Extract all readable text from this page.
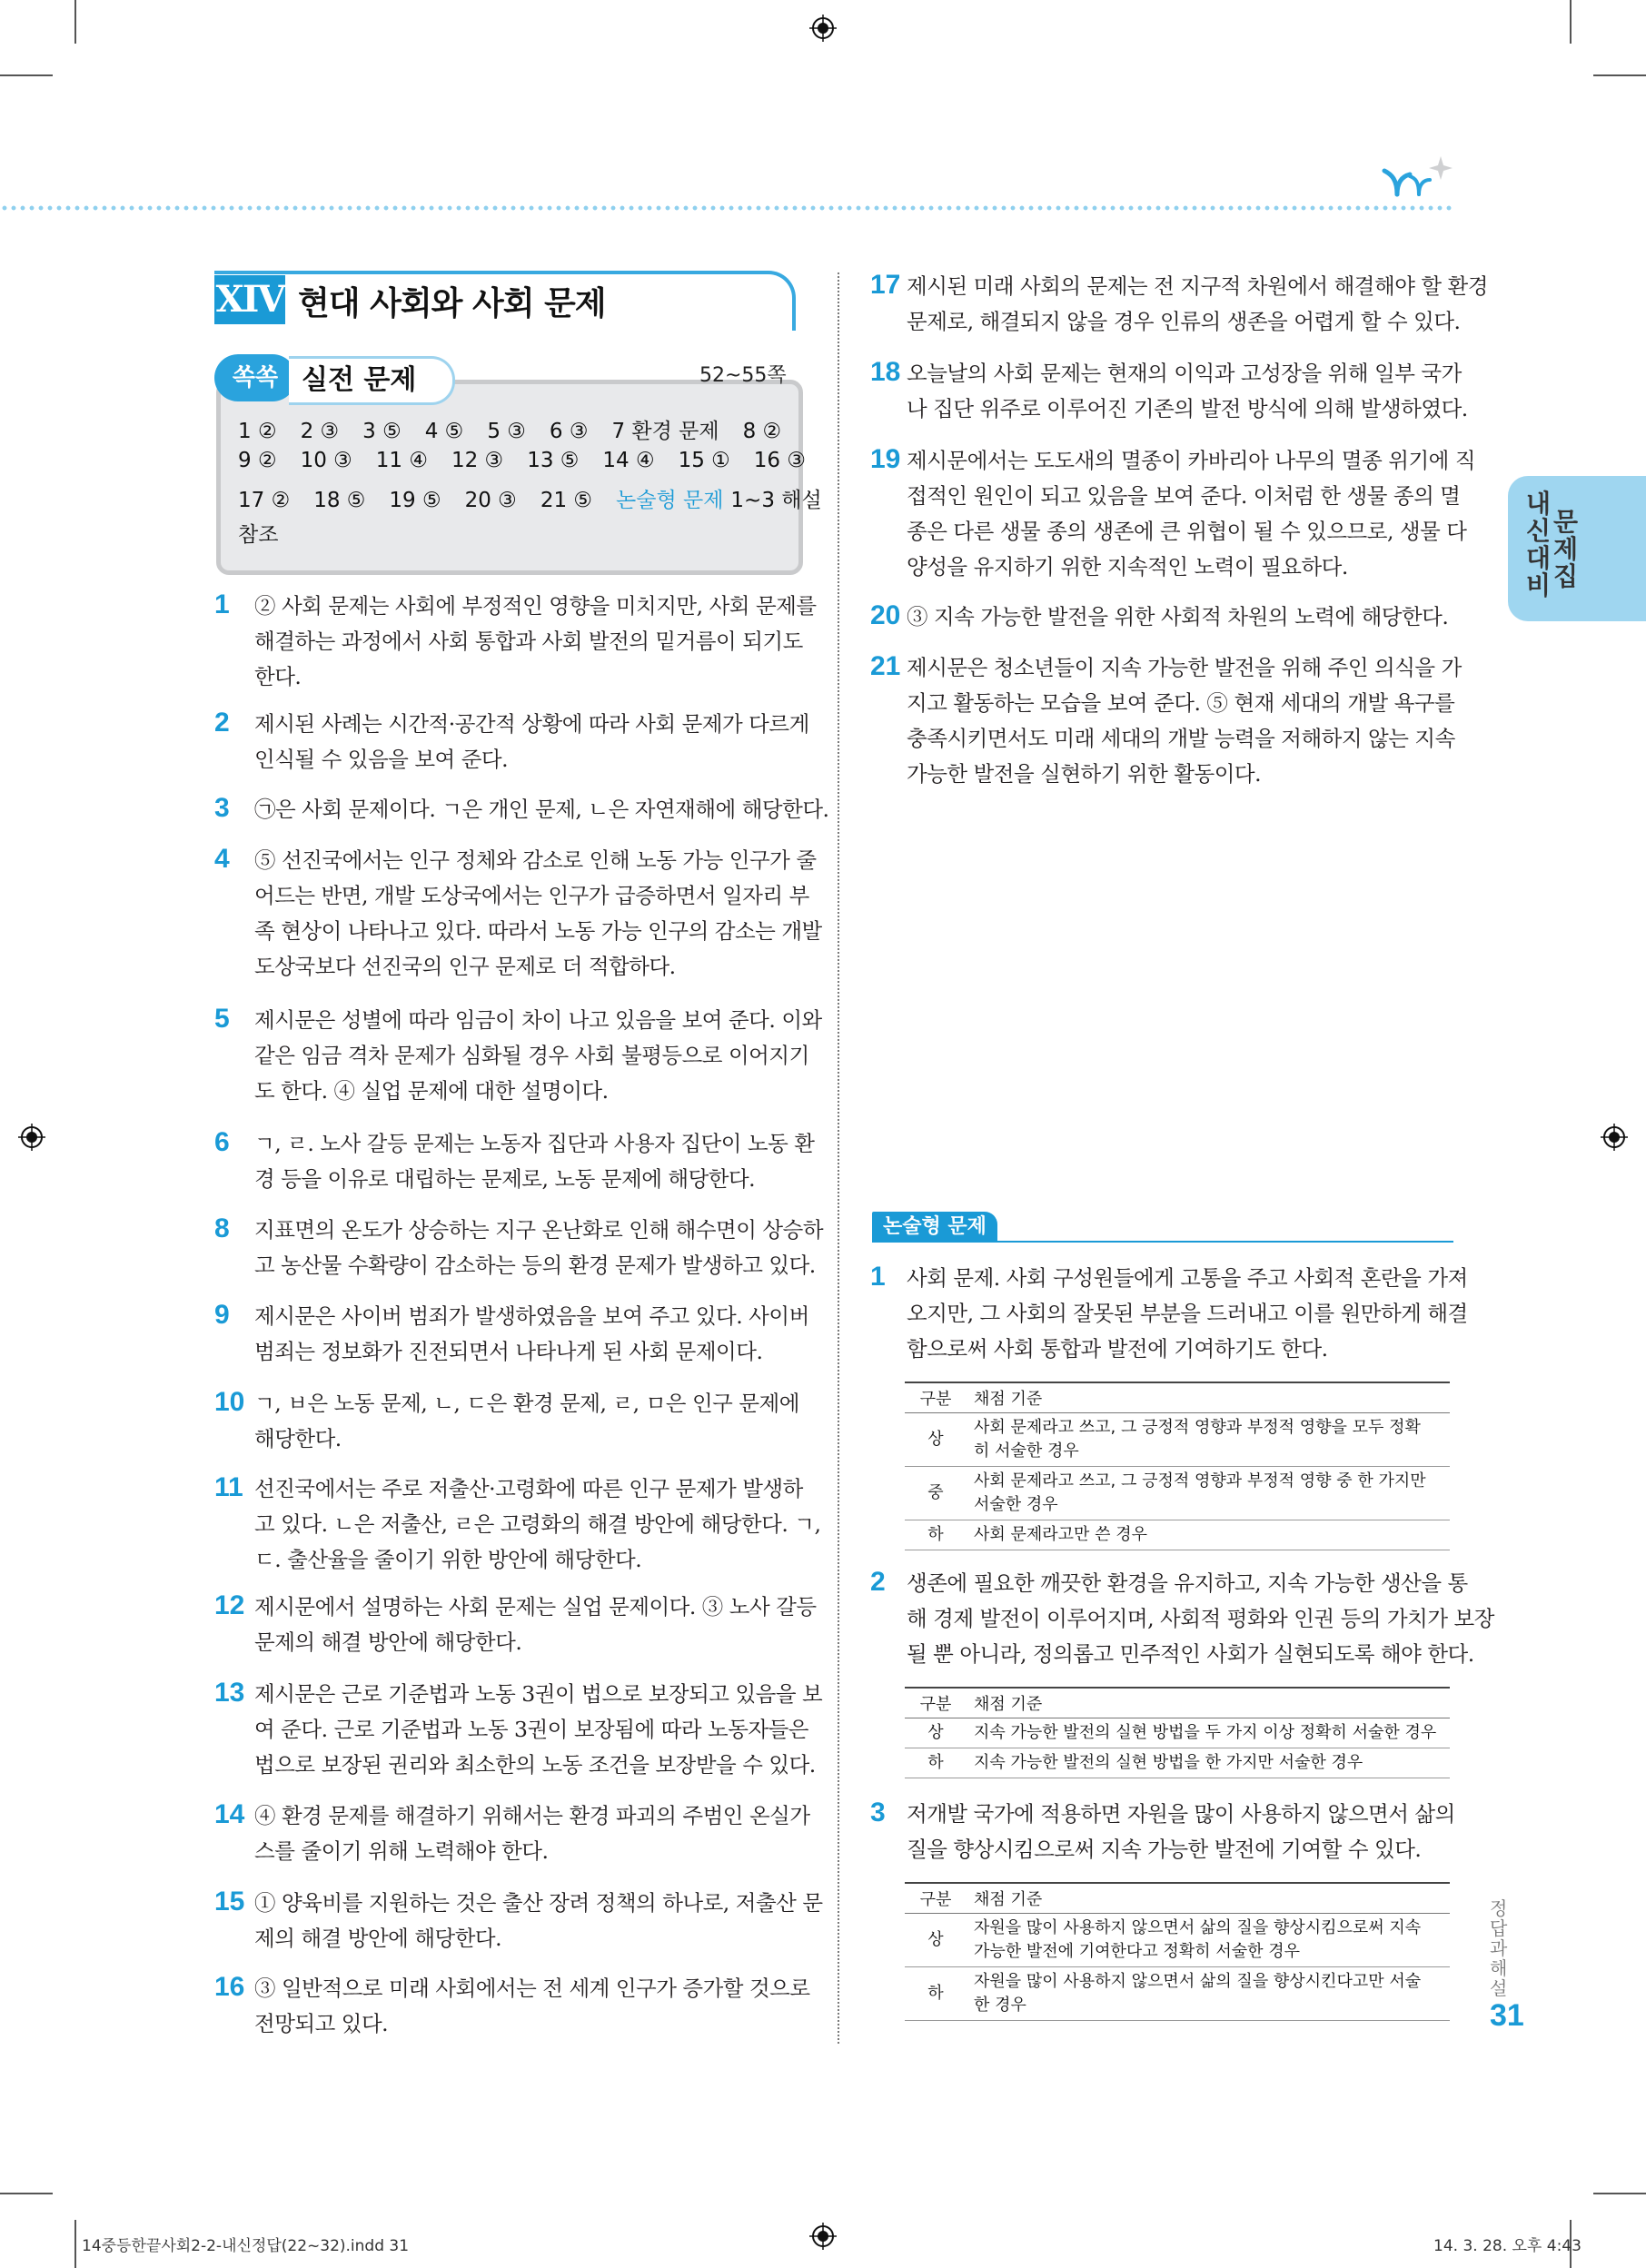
XIV 현대 사회와 사회 문제
쏙쏙 실전 문제	52~55쪽
1 ② 2 ③ 3 ⑤ 4 ⑤ 5 ③ 6 ③ 7 환경 문제 8 ②
9 ② 10 ③ 11 ④ 12 ③ 13 ⑤ 14 ④ 15 ① 16 ③
17 ② 18 ⑤ 19 ⑤ 20 ③ 21 ⑤ 논술형 문제 1~3 해설
참조
1 ② 사회 문제는 사회에 부정적인 영향을 미치지만, 사회 문제를
해결하는 과정에서 사회 통합과 사회 발전의 밑거름이 되기도
한다.
2 제시된 사례는 시간적·공간적 상황에 따라 사회 문제가 다르게
인식될 수 있음을 보여 준다.
3 ㉠은 사회 문제이다. ㄱ은 개인 문제, ㄴ은 자연재해에 해당한다.
4 ⑤ 선진국에서는 인구 정체와 감소로 인해 노동 가능 인구가 줄
어드는 반면, 개발 도상국에서는 인구가 급증하면서 일자리 부
족 현상이 나타나고 있다. 따라서 노동 가능 인구의 감소는 개발
도상국보다 선진국의 인구 문제로 더 적합하다.
5 제시문은 성별에 따라 임금이 차이 나고 있음을 보여 준다. 이와
같은 임금 격차 문제가 심화될 경우 사회 불평등으로 이어지기
도 한다. ④ 실업 문제에 대한 설명이다.
6 ㄱ, ㄹ. 노사 갈등 문제는 노동자 집단과 사용자 집단이 노동 환
경 등을 이유로 대립하는 문제로, 노동 문제에 해당한다.
8 지표면의 온도가 상승하는 지구 온난화로 인해 해수면이 상승하
고 농산물 수확량이 감소하는 등의 환경 문제가 발생하고 있다.
9 제시문은 사이버 범죄가 발생하였음을 보여 주고 있다. 사이버
범죄는 정보화가 진전되면서 나타나게 된 사회 문제이다.
10 ㄱ, ㅂ은 노동 문제, ㄴ, ㄷ은 환경 문제, ㄹ, ㅁ은 인구 문제에
해당한다.
11 선진국에서는 주로 저출산·고령화에 따른 인구 문제가 발생하
고 있다. ㄴ은 저출산, ㄹ은 고령화의 해결 방안에 해당한다. ㄱ,
ㄷ. 출산율을 줄이기 위한 방안에 해당한다.
12 제시문에서 설명하는 사회 문제는 실업 문제이다. ③ 노사 갈등
문제의 해결 방안에 해당한다.
13 제시문은 근로 기준법과 노동 3권이 법으로 보장되고 있음을 보
여 준다. 근로 기준법과 노동 3권이 보장됨에 따라 노동자들은
법으로 보장된 권리와 최소한의 노동 조건을 보장받을 수 있다.
14 ④ 환경 문제를 해결하기 위해서는 환경 파괴의 주범인 온실가
스를 줄이기 위해 노력해야 한다.
15 ① 양육비를 지원하는 것은 출산 장려 정책의 하나로, 저출산 문
제의 해결 방안에 해당한다.
16 ③ 일반적으로 미래 사회에서는 전 세계 인구가 증가할 것으로
전망되고 있다.
17 제시된 미래 사회의 문제는 전 지구적 차원에서 해결해야 할 환경
문제로, 해결되지 않을 경우 인류의 생존을 어렵게 할 수 있다.
18 오늘날의 사회 문제는 현재의 이익과 고성장을 위해 일부 국가
나 집단 위주로 이루어진 기존의 발전 방식에 의해 발생하였다.
19 제시문에서는 도도새의 멸종이 카바리아 나무의 멸종 위기에 직
접적인 원인이 되고 있음을 보여 준다. 이처럼 한 생물 종의 멸
종은 다른 생물 종의 생존에 큰 위협이 될 수 있으므로, 생물 다
양성을 유지하기 위한 지속적인 노력이 필요하다.
20 ③ 지속 가능한 발전을 위한 사회적 차원의 노력에 해당한다.
21 제시문은 청소년들이 지속 가능한 발전을 위해 주인 의식을 가
지고 활동하는 모습을 보여 준다. ⑤ 현재 세대의 개발 욕구를
충족시키면서도 미래 세대의 개발 능력을 저해하지 않는 지속
가능한 발전을 실현하기 위한 활동이다.
내신대비
문제집
논술형 문제
1 사회 문제. 사회 구성원들에게 고통을 주고 사회적 혼란을 가져
오지만, 그 사회의 잘못된 부분을 드러내고 이를 원만하게 해결
함으로써 사회 통합과 발전에 기여하기도 한다.
구분	채점 기준
상	사회 문제라고 쓰고, 그 긍정적 영향과 부정적 영향을 모두 정확
히 서술한 경우

중	사회 문제라고 쓰고, 그 긍정적 영향과 부정적 영향 중 한 가지만
서술한 경우

하	사회 문제라고만 쓴 경우
2 생존에 필요한 깨끗한 환경을 유지하고, 지속 가능한 생산을 통
해 경제 발전이 이루어지며, 사회적 평화와 인권 등의 가치가 보장
될 뿐 아니라, 정의롭고 민주적인 사회가 실현되도록 해야 한다.
구분	채점 기준
상	지속 가능한 발전의 실현 방법을 두 가지 이상 정확히 서술한 경우

하	지속 가능한 발전의 실현 방법을 한 가지만 서술한 경우
3 저개발 국가에 적용하면 자원을 많이 사용하지 않으면서 삶의
질을 향상시킴으로써 지속 가능한 발전에 기여할 수 있다.
구분	채점 기준
상	자원을 많이 사용하지 않으면서 삶의 질을 향상시킴으로써 지속
가능한 발전에 기여한다고 정확히 서술한 경우

하	자원을 많이 사용하지 않으면서 삶의 질을 향상시킨다고만 서술
한 경우
정답과 해설
31
14중등한끝사회2-2-내신정답(22~32).indd 31	14. 3. 28. 오후 4:43
